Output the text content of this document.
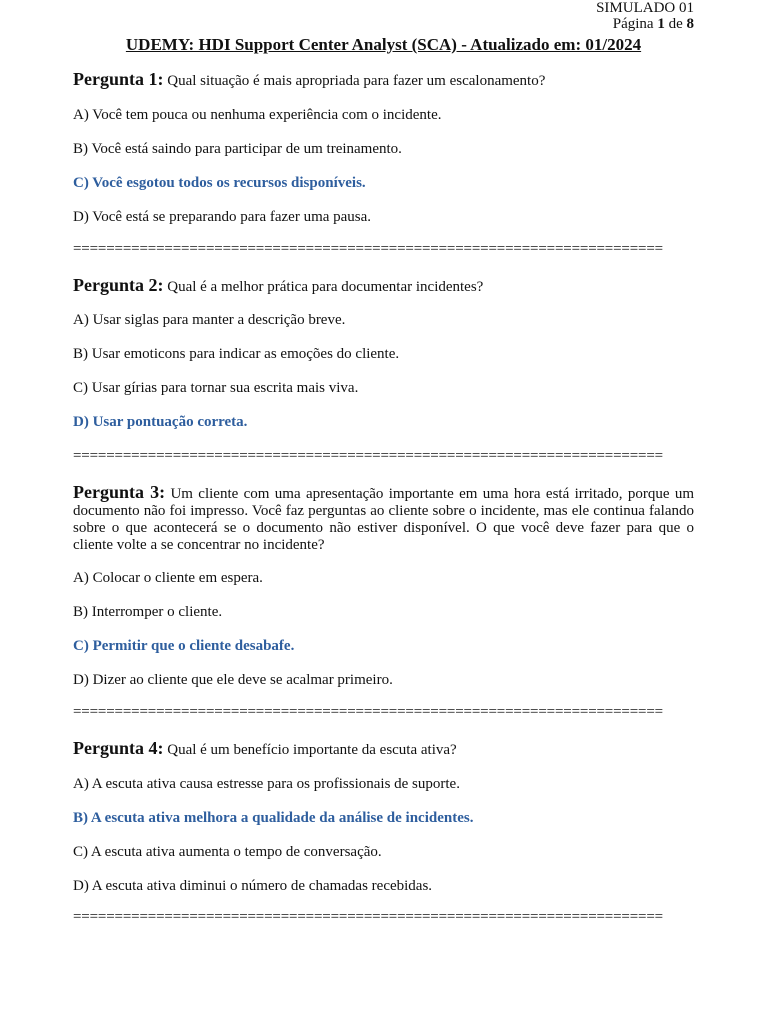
SIMULADO 01
Página 1 de 8
UDEMY: HDI Support Center Analyst (SCA) - Atualizado em: 01/2024

Pergunta 1: Qual situação é mais apropriada para fazer um escalonamento?

A) Você tem pouca ou nenhuma experiência com o incidente.

B) Você está saindo para participar de um treinamento.

C) Você esgotou todos os recursos disponíveis.

D) Você está se preparando para fazer uma pausa.

=======================================================================

Pergunta 2: Qual é a melhor prática para documentar incidentes?

A) Usar siglas para manter a descrição breve.

B) Usar emoticons para indicar as emoções do cliente.

C) Usar gírias para tornar sua escrita mais viva.

D) Usar pontuação correta.

=======================================================================

Pergunta 3: Um cliente com uma apresentação importante em uma hora está irritado, porque um documento não foi impresso. Você faz perguntas ao cliente sobre o incidente, mas ele continua falando sobre o que acontecerá se o documento não estiver disponível. O que você deve fazer para que o cliente volte a se concentrar no incidente?

A) Colocar o cliente em espera.

B) Interromper o cliente.

C) Permitir que o cliente desabafe.

D) Dizer ao cliente que ele deve se acalmar primeiro.

=======================================================================

Pergunta 4: Qual é um benefício importante da escuta ativa?

A) A escuta ativa causa estresse para os profissionais de suporte.

B) A escuta ativa melhora a qualidade da análise de incidentes.

C) A escuta ativa aumenta o tempo de conversação.

D) A escuta ativa diminui o número de chamadas recebidas.

=======================================================================
